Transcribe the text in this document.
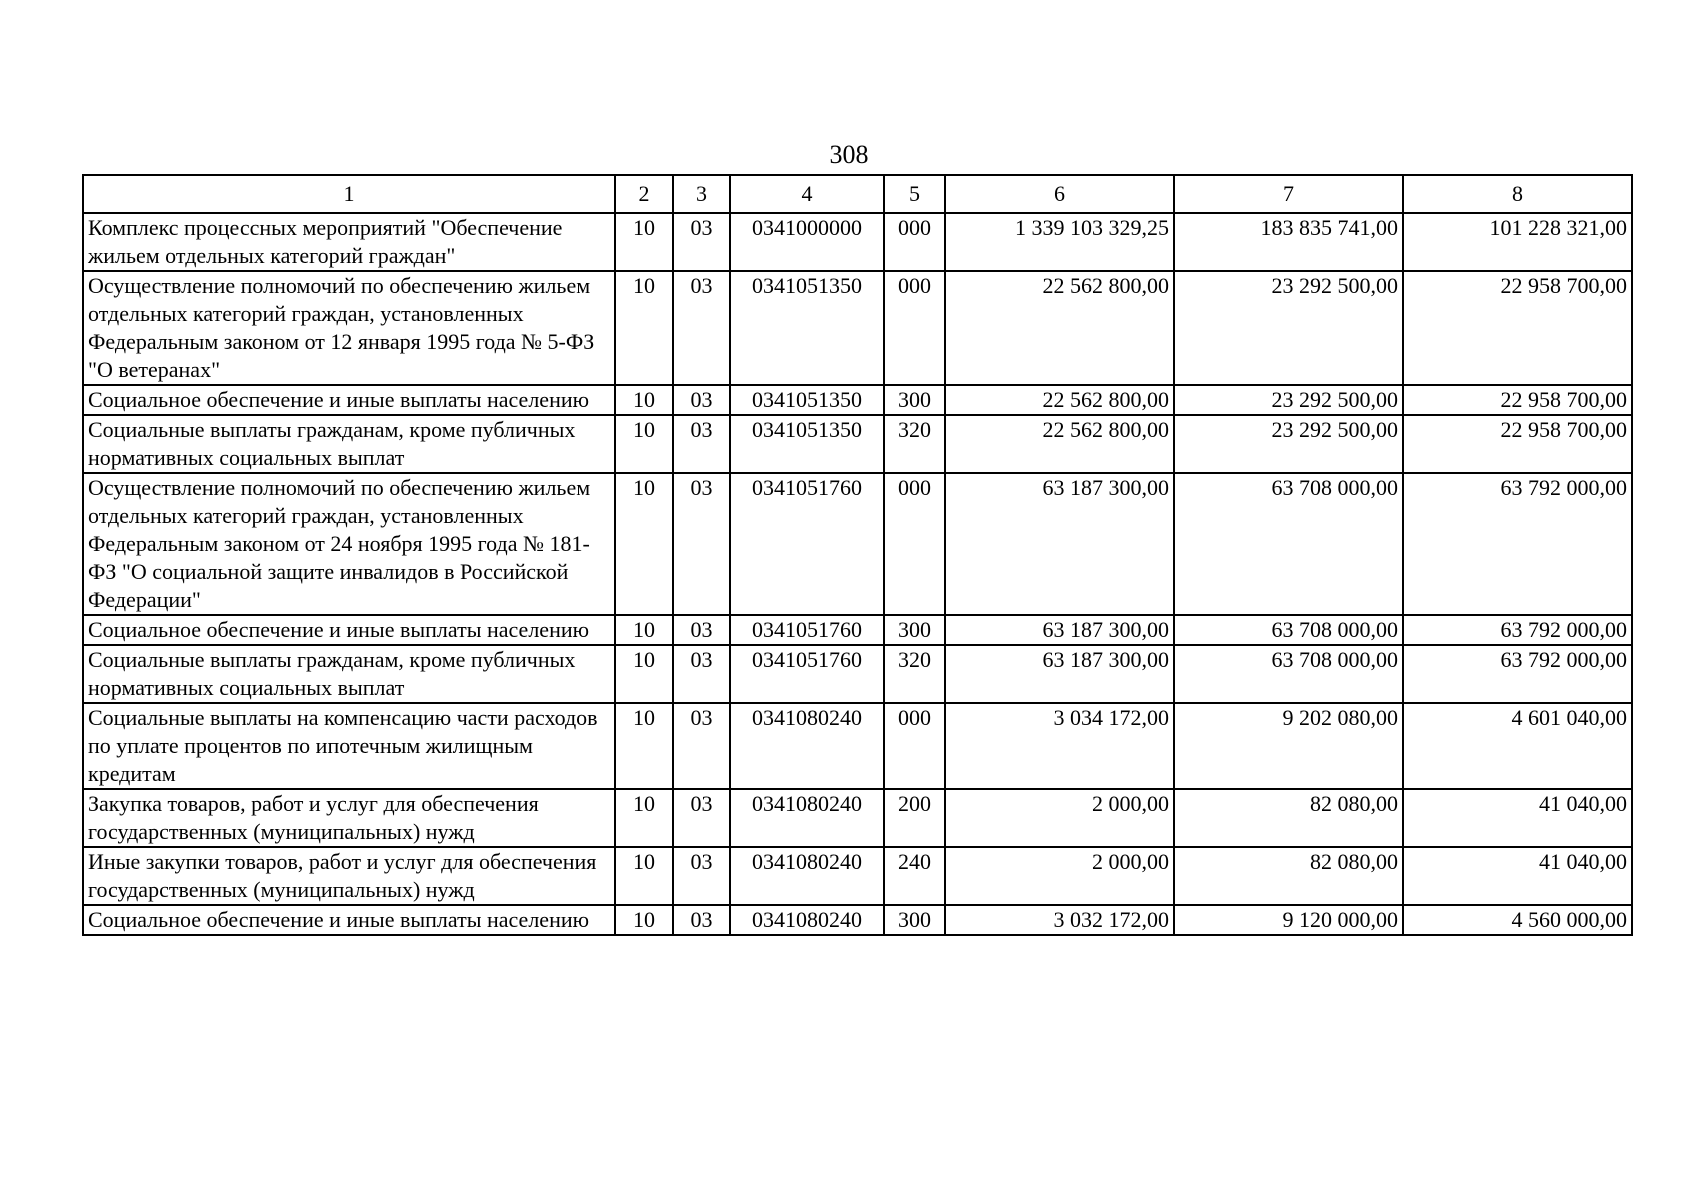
308
1	2	3	4	5	6	7	8
Комплекс процессных мероприятий "Обеспечение жильем отдельных категорий граждан"	10	03	0341000000	000	1 339 103 329,25	183 835 741,00	101 228 321,00
Осуществление полномочий по обеспечению жильем отдельных категорий граждан, установленных Федеральным законом от 12 января 1995 года № 5-ФЗ "О ветеранах"	10	03	0341051350	000	22 562 800,00	23 292 500,00	22 958 700,00
Социальное обеспечение и иные выплаты населению	10	03	0341051350	300	22 562 800,00	23 292 500,00	22 958 700,00
Социальные выплаты гражданам, кроме публичных нормативных социальных выплат	10	03	0341051350	320	22 562 800,00	23 292 500,00	22 958 700,00
Осуществление полномочий по обеспечению жильем отдельных категорий граждан, установленных Федеральным законом от 24 ноября 1995 года № 181-ФЗ "О социальной защите инвалидов в Российской Федерации"	10	03	0341051760	000	63 187 300,00	63 708 000,00	63 792 000,00
Социальное обеспечение и иные выплаты населению	10	03	0341051760	300	63 187 300,00	63 708 000,00	63 792 000,00
Социальные выплаты гражданам, кроме публичных нормативных социальных выплат	10	03	0341051760	320	63 187 300,00	63 708 000,00	63 792 000,00
Социальные выплаты на компенсацию части расходов по уплате процентов по ипотечным жилищным кредитам	10	03	0341080240	000	3 034 172,00	9 202 080,00	4 601 040,00
Закупка товаров, работ и услуг для обеспечения государственных (муниципальных) нужд	10	03	0341080240	200	2 000,00	82 080,00	41 040,00
Иные закупки товаров, работ и услуг для обеспечения государственных (муниципальных) нужд	10	03	0341080240	240	2 000,00	82 080,00	41 040,00
Социальное обеспечение и иные выплаты населению	10	03	0341080240	300	3 032 172,00	9 120 000,00	4 560 000,00
